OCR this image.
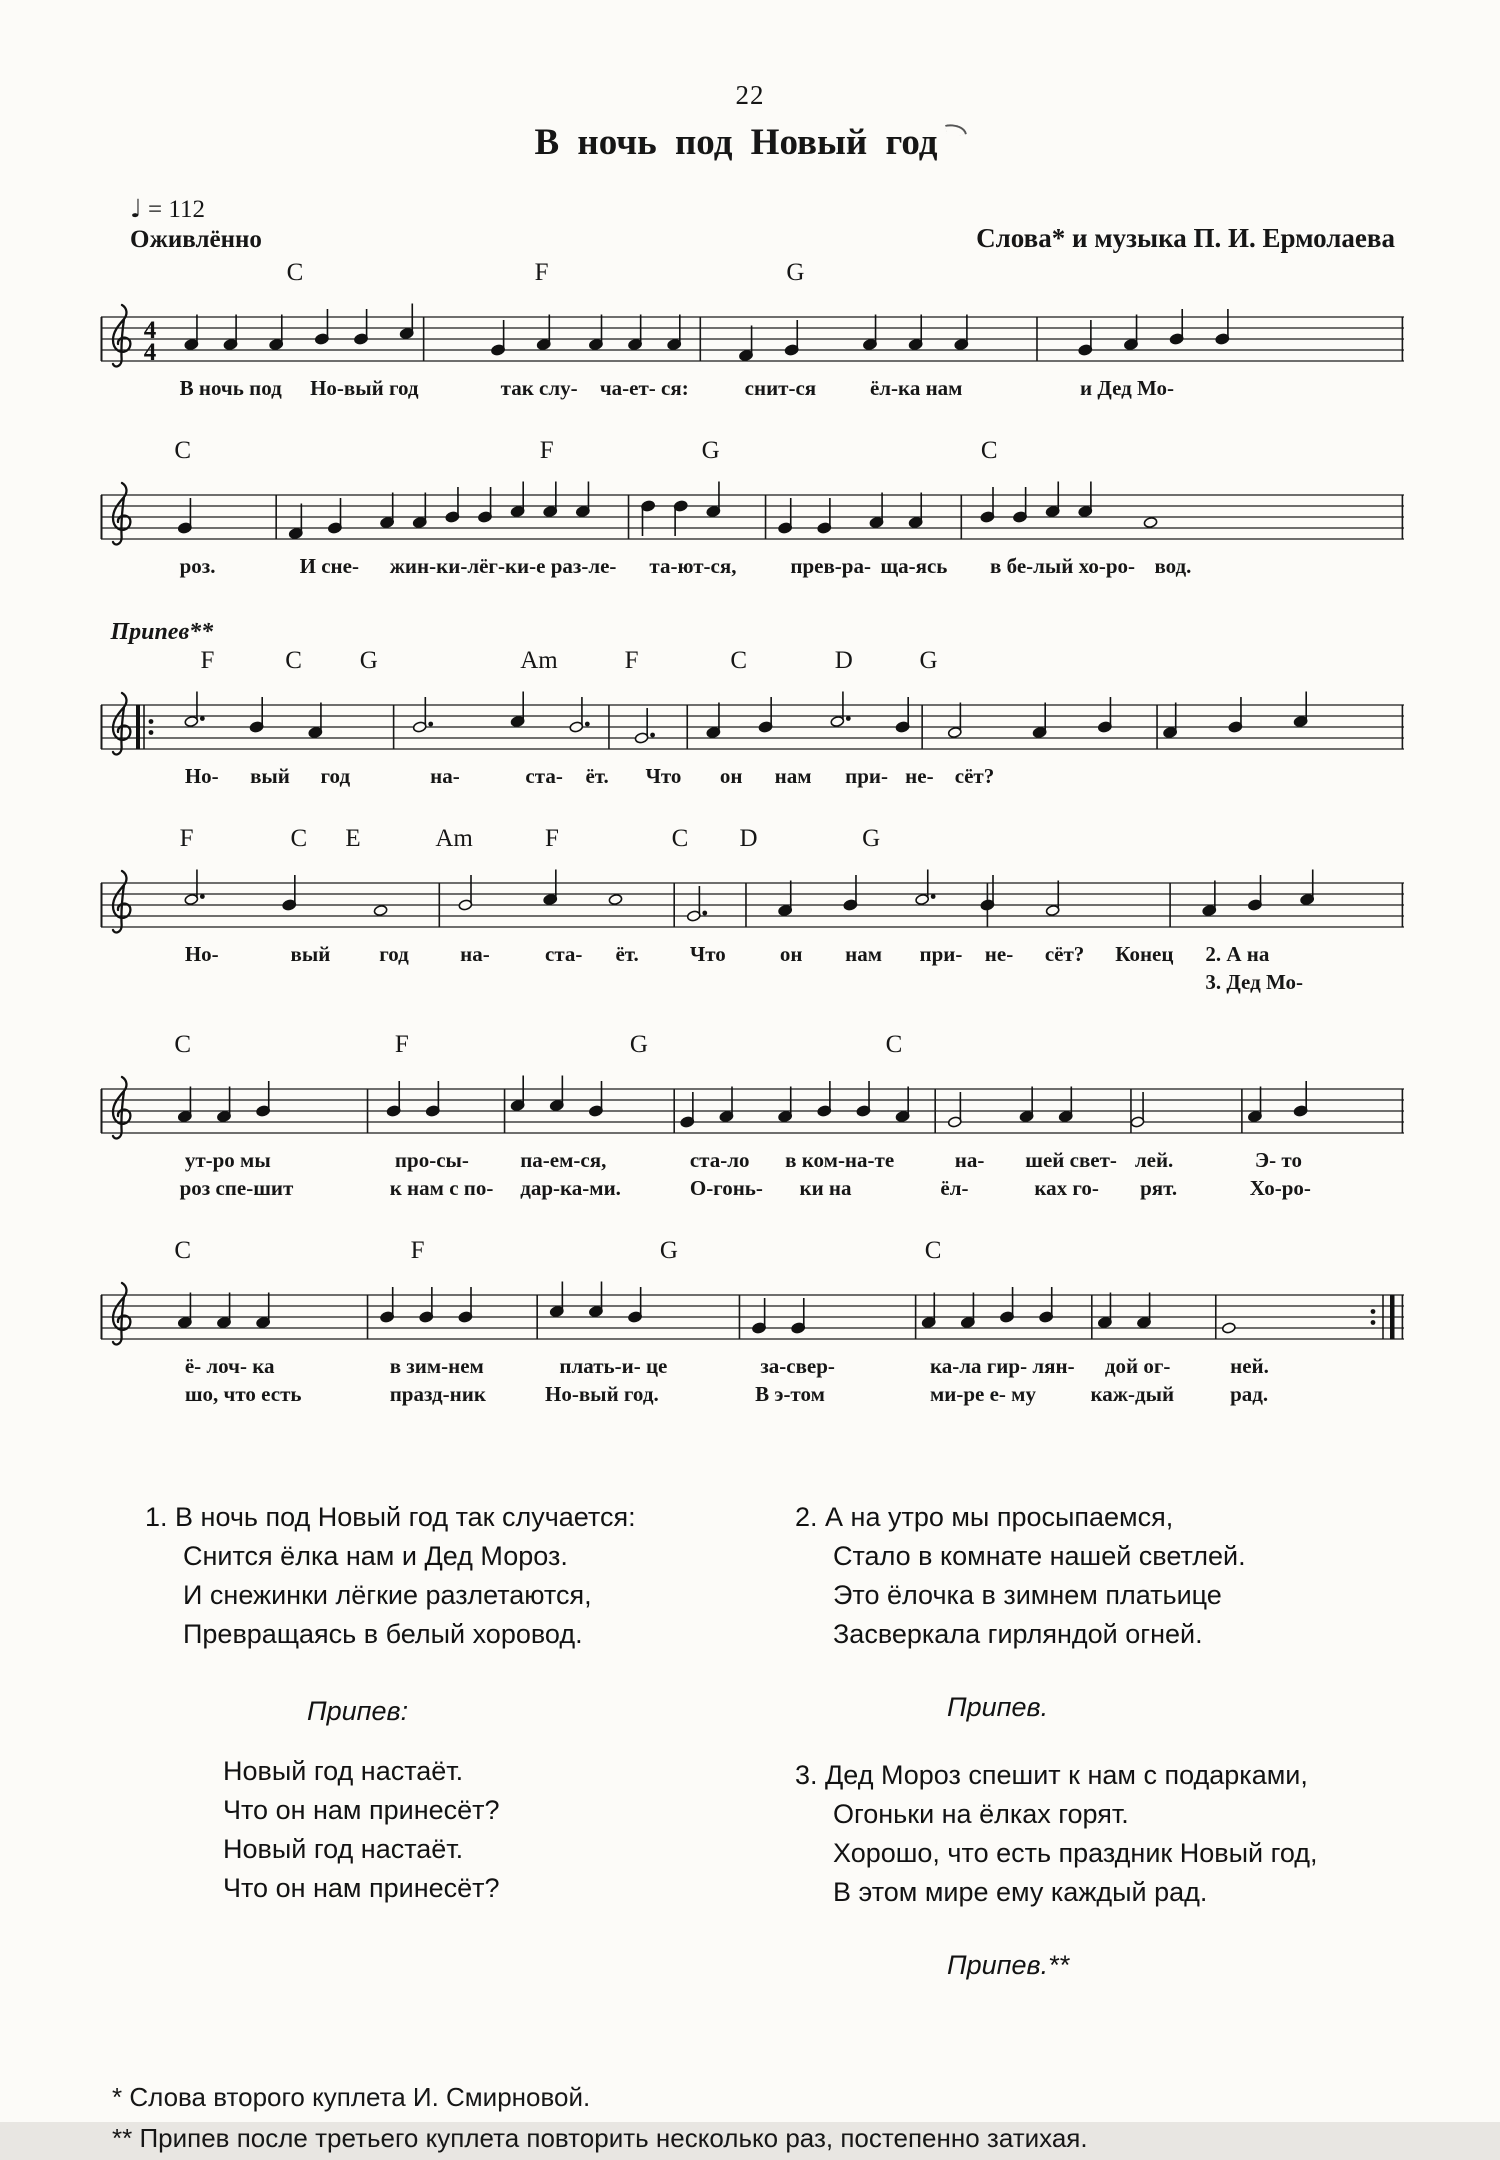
22
В ночь под Новый год
♩ = 112
Оживлённо	Слова* и музыка П. И. Ермолаева
C	F	G
4
4
В ночь под Но-вый год	так слу- ча-ет- ся:	снит-ся	ёл-ка нам	и Дед Мо-
C	F	G	C
роз.	И сне- жин-ки-лёг-ки-е раз-ле- та-ют-ся,	прев-ра- ща-ясь в бе-лый хо-ро- вод.
Припев**
F	C G	Am	F	C	D	G
Но- вый год	на-	ста- ёт. Что он нам при- не- сёт?
F	C E	Am	F	C D	G
Но-	вый год на-	ста- ёт. Что	он нам при- не- сёт? Конец 2. А на
3. Дед Мо-
C	F	G	C
ут-ро мы	про-сы- па-ем-ся,	ста-ло в ком-на-те	на- шей свет- лей.	Э- то
роз спе-шит	к нам с по- дар-ка-ми.	О-гонь- ки на	ёл-	ках го- рят.	Хо-ро-
C	F	G	C
ё- лоч- ка	в зим-нем	плать-и- це	за-свер-	ка-ла гир- лян- дой ог-	ней.
шо, что есть	празд-ник	Но-вый год.	В э-том	ми-ре е- му	каж-дый	рад.
1. В ночь под Новый год так случается:
Снится ёлка нам и Дед Мороз.
И снежинки лёгкие разлетаются,
Превращаясь в белый хоровод.
Припев:
Новый год настаёт.
Что он нам принесёт?
Новый год настаёт.
Что он нам принесёт?
2. А на утро мы просыпаемся,
Стало в комнате нашей светлей.
Это ёлочка в зимнем платьице
Засверкала гирляндой огней.
Припев.
3. Дед Мороз спешит к нам с подарками,
Огоньки на ёлках горят.
Хорошо, что есть праздник Новый год,
В этом мире ему каждый рад.
Припев.**
* Слова второго куплета И. Смирновой.
** Припев после третьего куплета повторить несколько раз, постепенно затихая.
